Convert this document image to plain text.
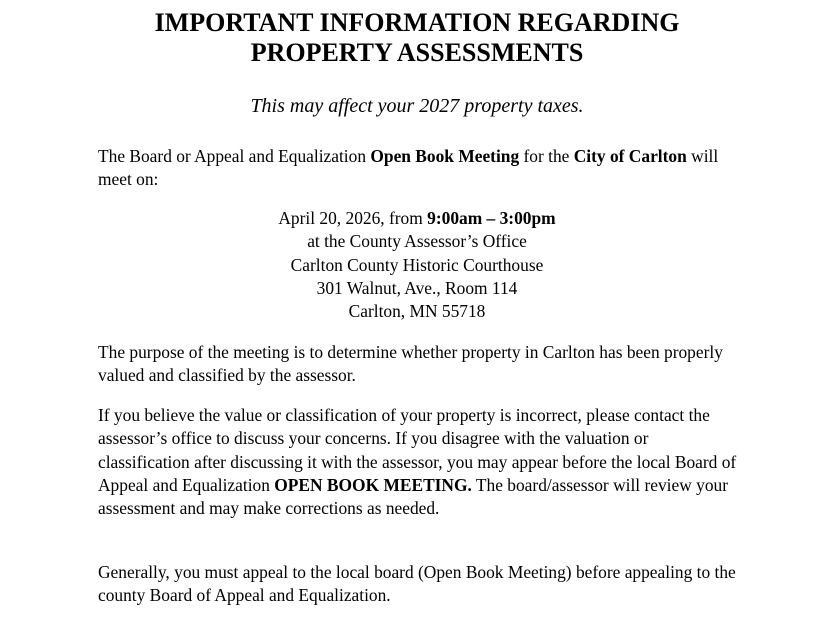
IMPORTANT INFORMATION REGARDING
PROPERTY ASSESSMENTS

This may affect your 2027 property taxes.

The Board or Appeal and Equalization Open Book Meeting for the City of Carlton will meet on:

April 20, 2026, from 9:00am – 3:00pm
at the County Assessor’s Office
Carlton County Historic Courthouse
301 Walnut, Ave., Room 114
Carlton, MN 55718

The purpose of the meeting is to determine whether property in Carlton has been properly valued and classified by the assessor.

If you believe the value or classification of your property is incorrect, please contact the assessor’s office to discuss your concerns. If you disagree with the valuation or classification after discussing it with the assessor, you may appear before the local Board of Appeal and Equalization OPEN BOOK MEETING. The board/assessor will review your assessment and may make corrections as needed.

Generally, you must appeal to the local board (Open Book Meeting) before appealing to the county Board of Appeal and Equalization.
